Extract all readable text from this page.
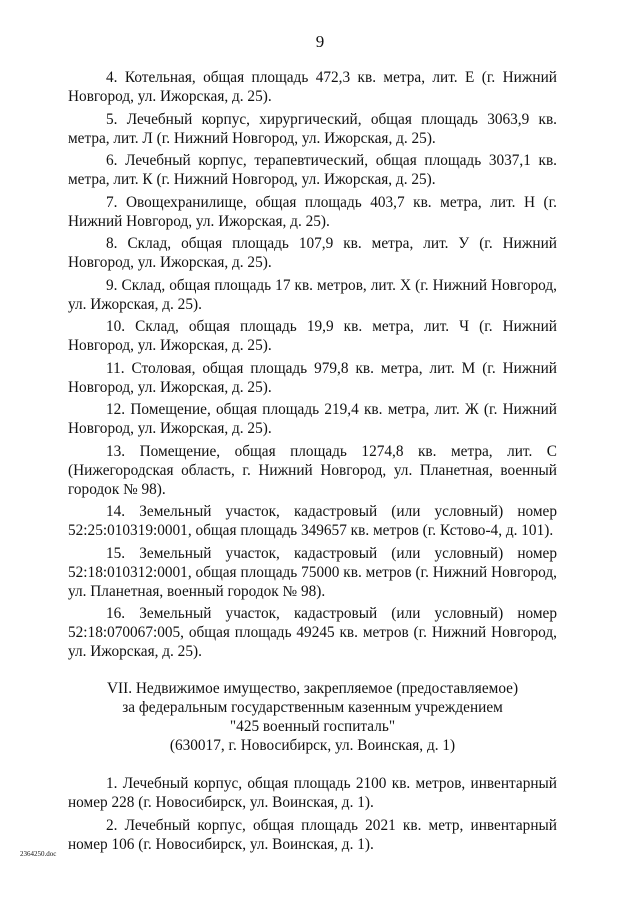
9

4. Котельная, общая площадь 472,3 кв. метра, лит. Е (г. Нижний Новгород, ул. Ижорская, д. 25).

5. Лечебный корпус, хирургический, общая площадь 3063,9 кв. метра, лит. Л (г. Нижний Новгород, ул. Ижорская, д. 25).

6. Лечебный корпус, терапевтический, общая площадь 3037,1 кв. метра, лит. К (г. Нижний Новгород, ул. Ижорская, д. 25).

7. Овощехранилище, общая площадь 403,7 кв. метра, лит. Н (г. Нижний Новгород, ул. Ижорская, д. 25).

8. Склад, общая площадь 107,9 кв. метра, лит. У (г. Нижний Новгород, ул. Ижорская, д. 25).

9. Склад, общая площадь 17 кв. метров, лит. Х (г. Нижний Новгород, ул. Ижорская, д. 25).

10. Склад, общая площадь 19,9 кв. метра, лит. Ч (г. Нижний Новгород, ул. Ижорская, д. 25).

11. Столовая, общая площадь 979,8 кв. метра, лит. М (г. Нижний Новгород, ул. Ижорская, д. 25).

12. Помещение, общая площадь 219,4 кв. метра, лит. Ж (г. Нижний Новгород, ул. Ижорская, д. 25).

13. Помещение, общая площадь 1274,8 кв. метра, лит. С (Нижегородская область, г. Нижний Новгород, ул. Планетная, военный городок № 98).

14. Земельный участок, кадастровый (или условный) номер 52:25:010319:0001, общая площадь 349657 кв. метров (г. Кстово-4, д. 101).

15. Земельный участок, кадастровый (или условный) номер 52:18:010312:0001, общая площадь 75000 кв. метров (г. Нижний Новгород, ул. Планетная, военный городок № 98).

16. Земельный участок, кадастровый (или условный) номер 52:18:070067:005, общая площадь 49245 кв. метров (г. Нижний Новгород, ул. Ижорская, д. 25).

VII. Недвижимое имущество, закрепляемое (предоставляемое)
за федеральным государственным казенным учреждением
"425 военный госпиталь"
(630017, г. Новосибирск, ул. Воинская, д. 1)

1. Лечебный корпус, общая площадь 2100 кв. метров, инвентарный номер 228 (г. Новосибирск, ул. Воинская, д. 1).

2. Лечебный корпус, общая площадь 2021 кв. метр, инвентарный номер 106 (г. Новосибирск, ул. Воинская, д. 1).

2364250.doc
